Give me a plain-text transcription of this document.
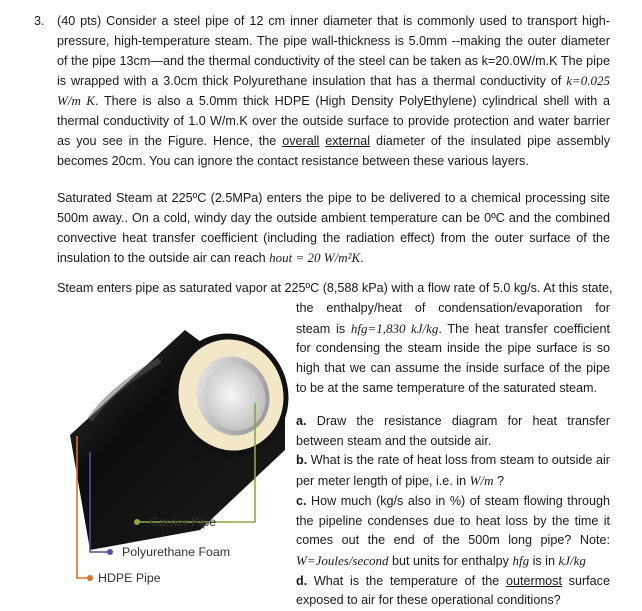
3. (40 pts) Consider a steel pipe of 12 cm inner diameter that is commonly used to transport high-pressure, high-temperature steam. The pipe wall-thickness is 5.0mm --making the outer diameter of the pipe 13cm—and the thermal conductivity of the steel can be taken as k=20.0W/m.K The pipe is wrapped with a 3.0cm thick Polyurethane insulation that has a thermal conductivity of k=0.025 W/m K. There is also a 5.0mm thick HDPE (High Density PolyEthylene) cylindrical shell with a thermal conductivity of 1.0 W/m.K over the outside surface to provide protection and water barrier as you see in the Figure. Hence, the overall external diameter of the insulated pipe assembly becomes 20cm. You can ignore the contact resistance between these various layers.

Saturated Steam at 225ºC (2.5MPa) enters the pipe to be delivered to a chemical processing site 500m away.. On a cold, windy day the outside ambient temperature can be 0ºC and the combined convective heat transfer coefficient (including the radiation effect) from the outer surface of the insulation to the outside air can reach hout = 20 W/m²K.

Steam enters pipe as saturated vapor at 225ºC (8,588 kPa) with a flow rate of 5.0 kg/s. At this state,

the enthalpy/heat of condensation/evaporation for steam is hfg=1,830 kJ/kg. The heat transfer coefficient for condensing the steam inside the pipe surface is so high that we can assume the inside surface of the pipe to be at the same temperature of the saturated steam.

a. Draw the resistance diagram for heat transfer between steam and the outside air.
b. What is the rate of heat loss from steam to outside air per meter length of pipe, i.e. in W/m ?
c. How much (kg/s also in %) of steam flowing through the pipeline condenses due to heat loss by the time it comes out the end of the 500m long pipe? Note: W=Joules/second but units for enthalpy hfg is in kJ/kg
d. What is the temperature of the outermost surface exposed to air for these operational conditions?
Carrier Pipe
Polyurethane Foam
HDPE Pipe
